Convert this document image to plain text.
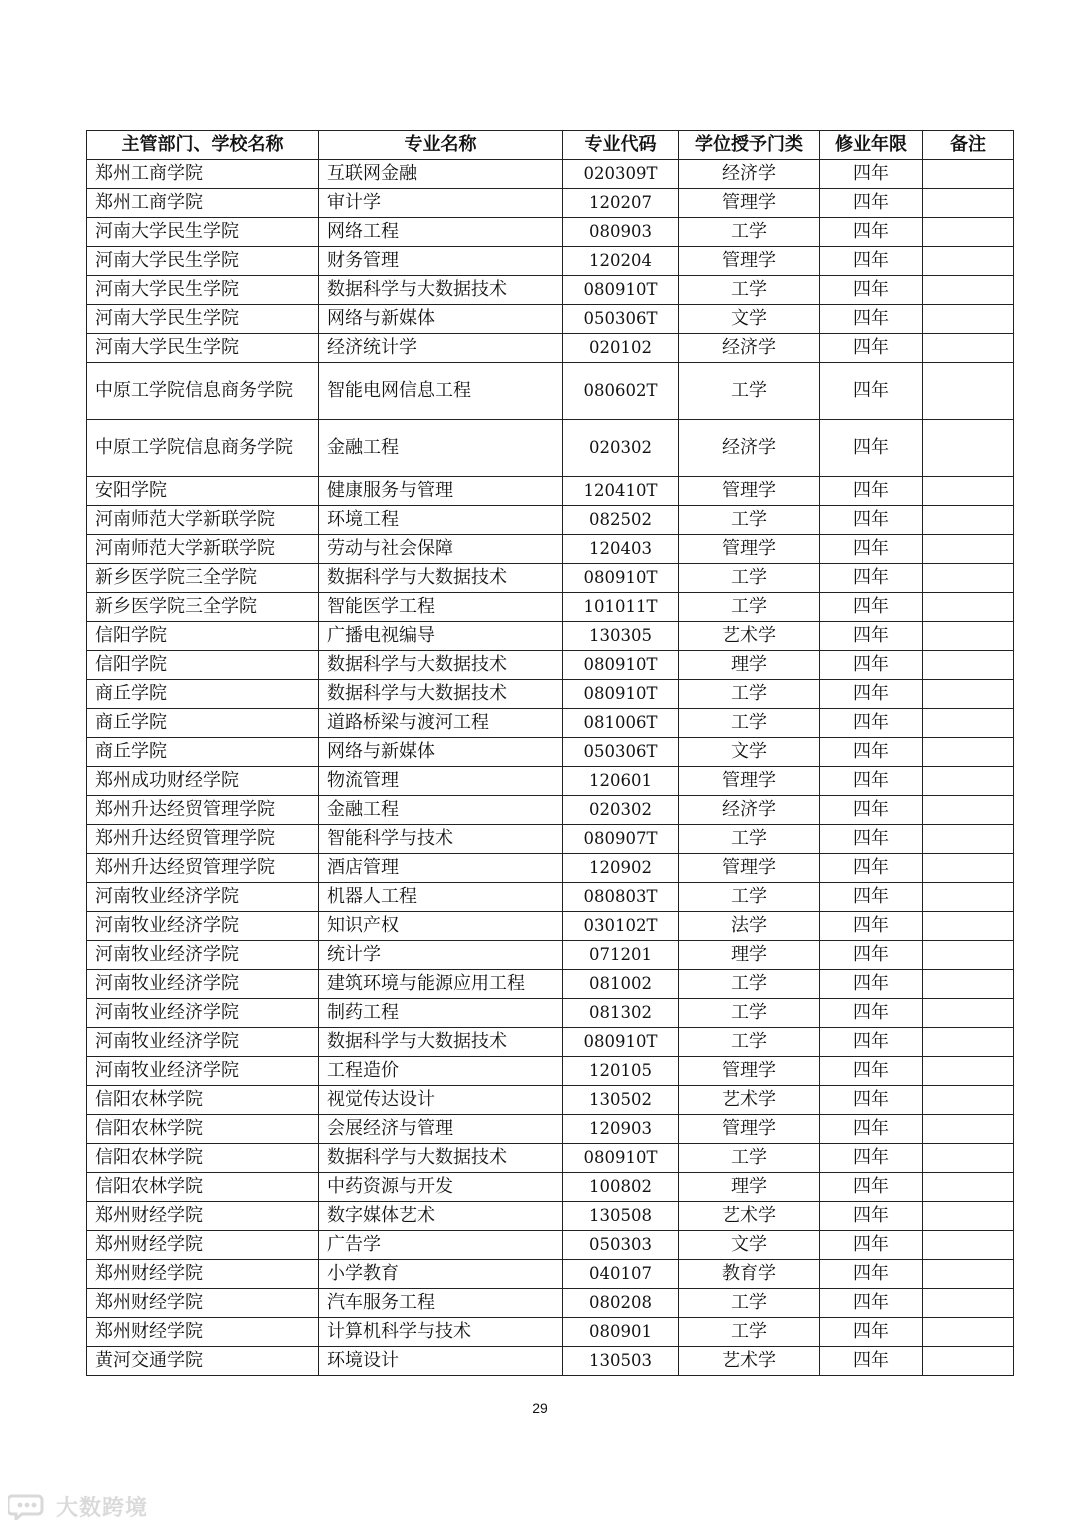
主管部门、学校名称	专业名称	专业代码	学位授予门类	修业年限	备注
郑州工商学院	互联网金融	020309T	经济学	四年	
郑州工商学院	审计学	120207	管理学	四年	
河南大学民生学院	网络工程	080903	工学	四年	
河南大学民生学院	财务管理	120204	管理学	四年	
河南大学民生学院	数据科学与大数据技术	080910T	工学	四年	
河南大学民生学院	网络与新媒体	050306T	文学	四年	
河南大学民生学院	经济统计学	020102	经济学	四年	
中原工学院信息商务学院	智能电网信息工程	080602T	工学	四年	
中原工学院信息商务学院	金融工程	020302	经济学	四年	
安阳学院	健康服务与管理	120410T	管理学	四年	
河南师范大学新联学院	环境工程	082502	工学	四年	
河南师范大学新联学院	劳动与社会保障	120403	管理学	四年	
新乡医学院三全学院	数据科学与大数据技术	080910T	工学	四年	
新乡医学院三全学院	智能医学工程	101011T	工学	四年	
信阳学院	广播电视编导	130305	艺术学	四年	
信阳学院	数据科学与大数据技术	080910T	理学	四年	
商丘学院	数据科学与大数据技术	080910T	工学	四年	
商丘学院	道路桥梁与渡河工程	081006T	工学	四年	
商丘学院	网络与新媒体	050306T	文学	四年	
郑州成功财经学院	物流管理	120601	管理学	四年	
郑州升达经贸管理学院	金融工程	020302	经济学	四年	
郑州升达经贸管理学院	智能科学与技术	080907T	工学	四年	
郑州升达经贸管理学院	酒店管理	120902	管理学	四年	
河南牧业经济学院	机器人工程	080803T	工学	四年	
河南牧业经济学院	知识产权	030102T	法学	四年	
河南牧业经济学院	统计学	071201	理学	四年	
河南牧业经济学院	建筑环境与能源应用工程	081002	工学	四年	
河南牧业经济学院	制药工程	081302	工学	四年	
河南牧业经济学院	数据科学与大数据技术	080910T	工学	四年	
河南牧业经济学院	工程造价	120105	管理学	四年	
信阳农林学院	视觉传达设计	130502	艺术学	四年	
信阳农林学院	会展经济与管理	120903	管理学	四年	
信阳农林学院	数据科学与大数据技术	080910T	工学	四年	
信阳农林学院	中药资源与开发	100802	理学	四年	
郑州财经学院	数字媒体艺术	130508	艺术学	四年	
郑州财经学院	广告学	050303	文学	四年	
郑州财经学院	小学教育	040107	教育学	四年	
郑州财经学院	汽车服务工程	080208	工学	四年	
郑州财经学院	计算机科学与技术	080901	工学	四年	
黄河交通学院	环境设计	130503	艺术学	四年	
29
大数跨境
